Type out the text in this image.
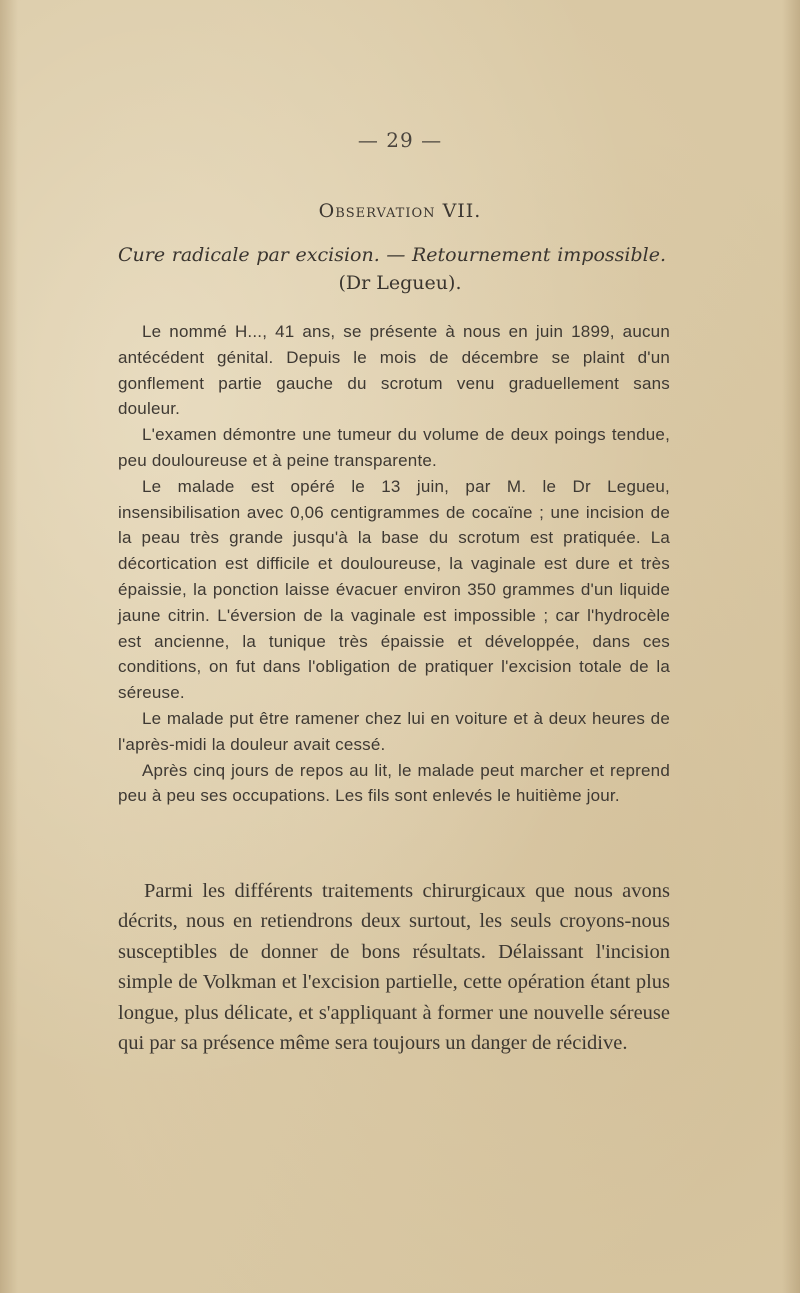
— 29 —
Observation VII.
Cure radicale par excision. — Retournement impossible.
(Dr Legueu).

Le nommé H..., 41 ans, se présente à nous en juin 1899, aucun antécédent génital. Depuis le mois de décembre se plaint d'un gonflement partie gauche du scrotum venu graduellement sans douleur.

L'examen démontre une tumeur du volume de deux poings tendue, peu douloureuse et à peine transparente.

Le malade est opéré le 13 juin, par M. le Dr Legueu, insensibilisation avec 0,06 centigrammes de cocaïne ; une incision de la peau très grande jusqu'à la base du scrotum est pratiquée. La décortication est difficile et douloureuse, la vaginale est dure et très épaissie, la ponction laisse évacuer environ 350 grammes d'un liquide jaune citrin. L'éversion de la vaginale est impossible ; car l'hydrocèle est ancienne, la tunique très épaissie et développée, dans ces conditions, on fut dans l'obligation de pratiquer l'excision totale de la séreuse.

Le malade put être ramener chez lui en voiture et à deux heures de l'après-midi la douleur avait cessé.

Après cinq jours de repos au lit, le malade peut marcher et reprend peu à peu ses occupations. Les fils sont enlevés le huitième jour.

Parmi les différents traitements chirurgicaux que nous avons décrits, nous en retiendrons deux surtout, les seuls croyons-nous susceptibles de donner de bons résultats. Délaissant l'incision simple de Volkman et l'excision partielle, cette opération étant plus longue, plus délicate, et s'appliquant à former une nouvelle séreuse qui par sa présence même sera toujours un danger de récidive.
